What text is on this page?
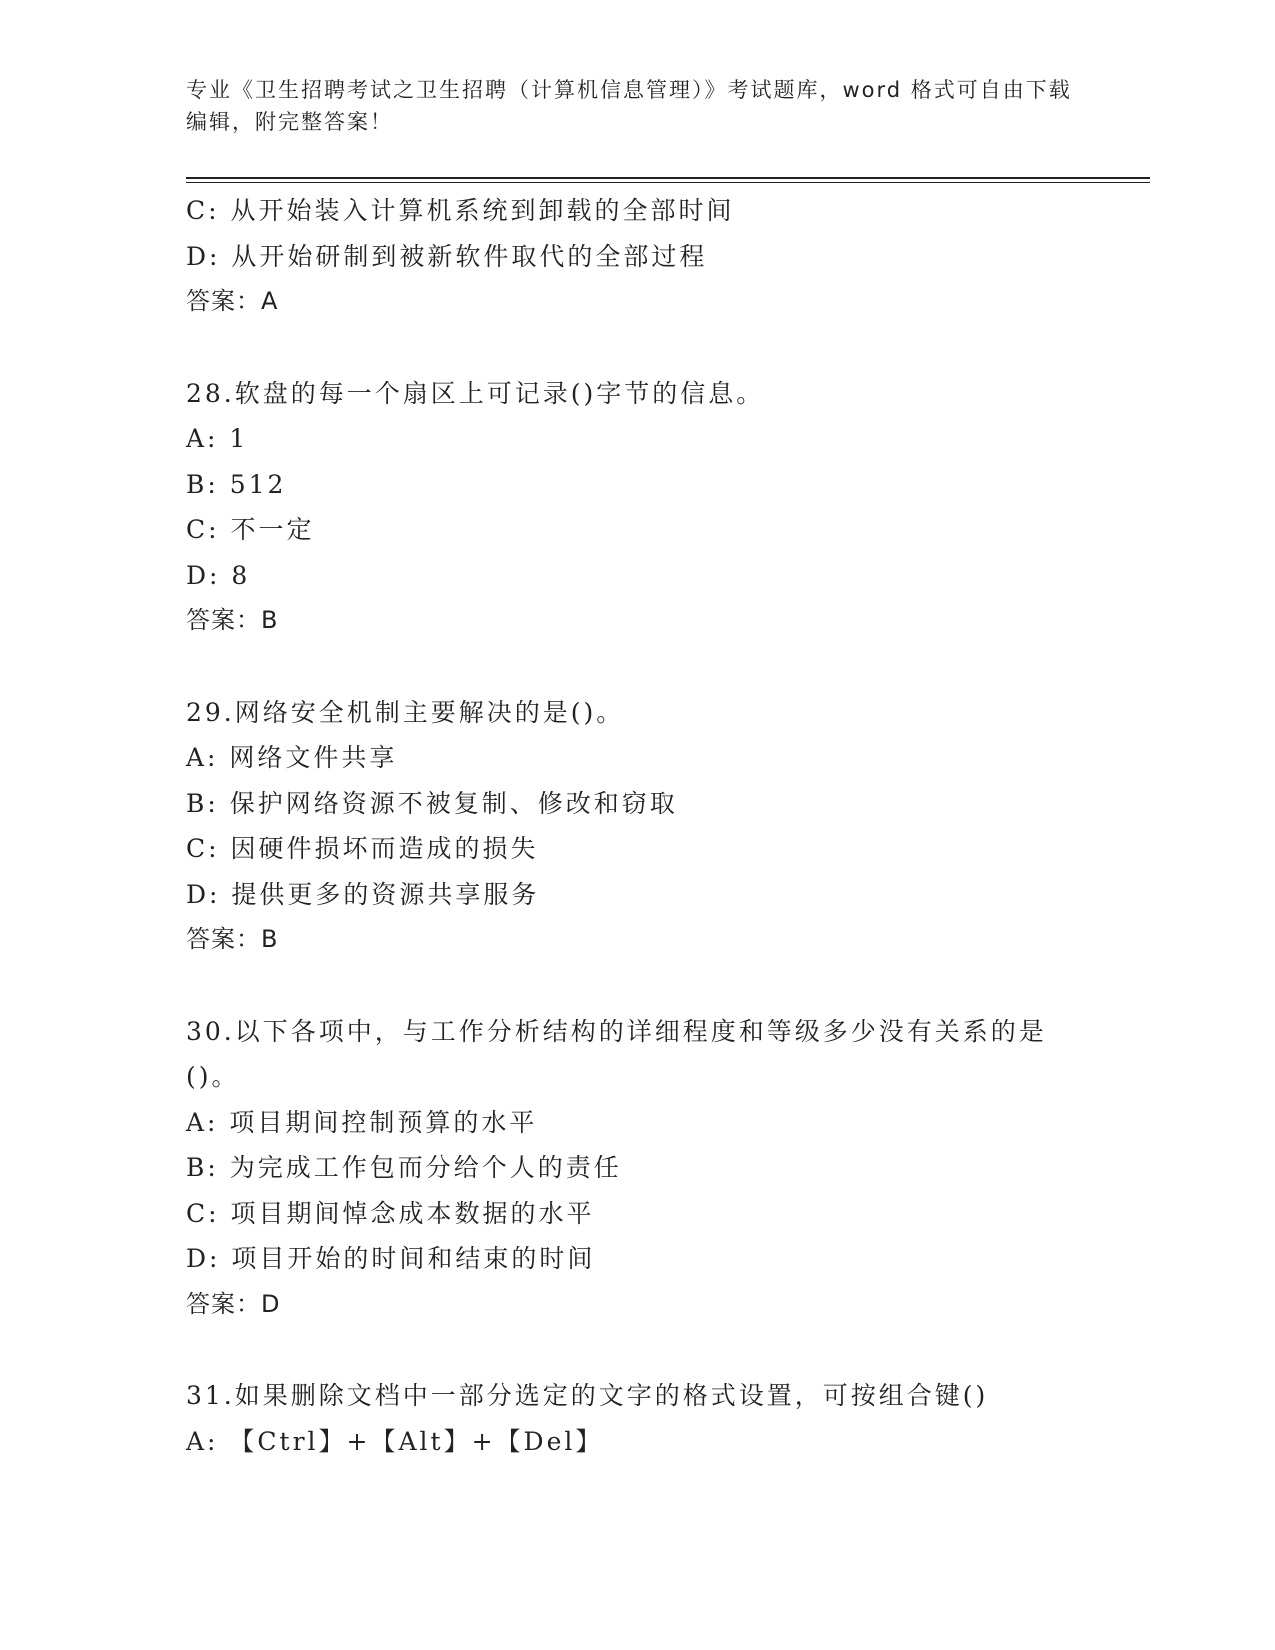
专业《卫生招聘考试之卫生招聘（计算机信息管理）》考试题库，word 格式可自由下载编辑，附完整答案！
C: 从开始装入计算机系统到卸载的全部时间
D: 从开始研制到被新软件取代的全部过程
答案：A
28.软盘的每一个扇区上可记录()字节的信息。
A: 1
B: 512
C: 不一定
D: 8
答案：B
29.网络安全机制主要解决的是()。
A: 网络文件共享
B: 保护网络资源不被复制、修改和窃取
C: 因硬件损坏而造成的损失
D: 提供更多的资源共享服务
答案：B
30.以下各项中，与工作分析结构的详细程度和等级多少没有关系的是()。
A: 项目期间控制预算的水平
B: 为完成工作包而分给个人的责任
C: 项目期间悼念成本数据的水平
D: 项目开始的时间和结束的时间
答案：D
31.如果删除文档中一部分选定的文字的格式设置，可按组合键()
A: 【Ctrl】+【Alt】+【Del】
